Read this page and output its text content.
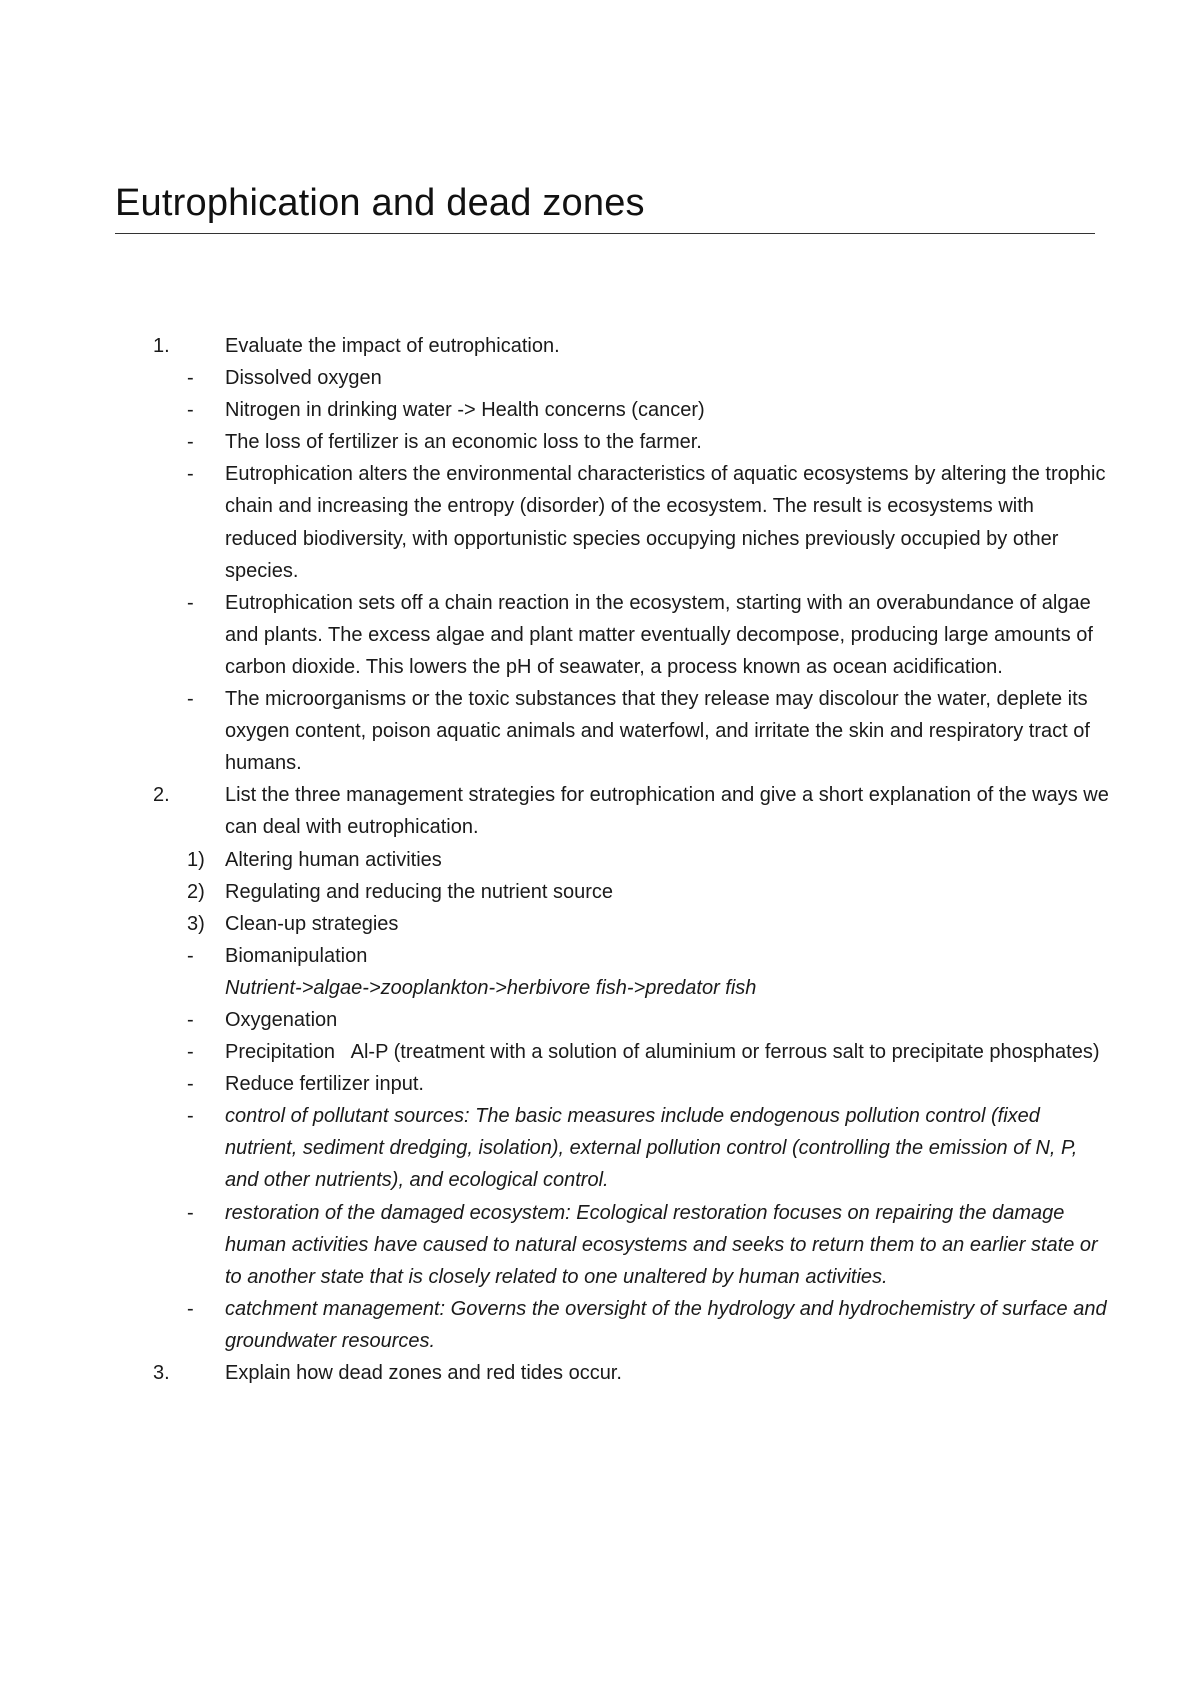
Eutrophication and dead zones
1.	Evaluate the impact of eutrophication.
-	Dissolved oxygen
-	Nitrogen in drinking water -> Health concerns (cancer)
-	The loss of fertilizer is an economic loss to the farmer.
-	Eutrophication alters the environmental characteristics of aquatic ecosystems by altering the trophic chain and increasing the entropy (disorder) of the ecosystem. The result is ecosystems with reduced biodiversity, with opportunistic species occupying niches previously occupied by other species.
-	Eutrophication sets off a chain reaction in the ecosystem, starting with an overabundance of algae and plants. The excess algae and plant matter eventually decompose, producing large amounts of carbon dioxide. This lowers the pH of seawater, a process known as ocean acidification.
-	The microorganisms or the toxic substances that they release may discolour the water, deplete its oxygen content, poison aquatic animals and waterfowl, and irritate the skin and respiratory tract of humans.
2.	List the three management strategies for eutrophication and give a short explanation of the ways we can deal with eutrophication.
1)	Altering human activities
2)	Regulating and reducing the nutrient source
3)	Clean-up strategies
-	Biomanipulation
Nutrient->algae->zooplankton->herbivore fish->predator fish
-	Oxygenation
-	Precipitation   Al-P (treatment with a solution of aluminium or ferrous salt to precipitate phosphates)
-	Reduce fertilizer input.
-	control of pollutant sources: The basic measures include endogenous pollution control (fixed nutrient, sediment dredging, isolation), external pollution control (controlling the emission of N, P, and other nutrients), and ecological control.
-	restoration of the damaged ecosystem: Ecological restoration focuses on repairing the damage human activities have caused to natural ecosystems and seeks to return them to an earlier state or to another state that is closely related to one unaltered by human activities.
-	catchment management: Governs the oversight of the hydrology and hydrochemistry of surface and groundwater resources.
3.	Explain how dead zones and red tides occur.
